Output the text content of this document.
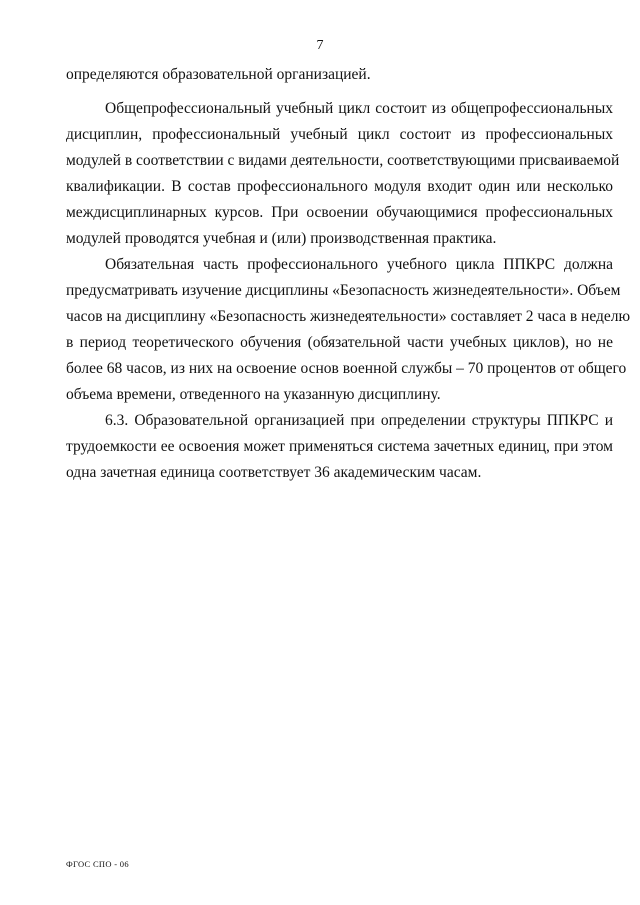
7
определяются образовательной организацией.
Общепрофессиональный учебный цикл состоит из общепрофессиональных
дисциплин, профессиональный учебный цикл состоит из профессиональных
модулей в соответствии с видами деятельности, соответствующими присваиваемой
квалификации. В состав профессионального модуля входит один или несколько
междисциплинарных курсов. При освоении обучающимися профессиональных
модулей проводятся учебная и (или) производственная практика.
Обязательная часть профессионального учебного цикла ППКРС должна
предусматривать изучение дисциплины «Безопасность жизнедеятельности». Объем
часов на дисциплину «Безопасность жизнедеятельности» составляет 2 часа в неделю
в период теоретического обучения (обязательной части учебных циклов), но не
более 68 часов, из них на освоение основ военной службы – 70 процентов от общего
объема времени, отведенного на указанную дисциплину.
6.3. Образовательной организацией при определении структуры ППКРС и
трудоемкости ее освоения может применяться система зачетных единиц, при этом
одна зачетная единица соответствует 36 академическим часам.
ФГОС СПО - 06
